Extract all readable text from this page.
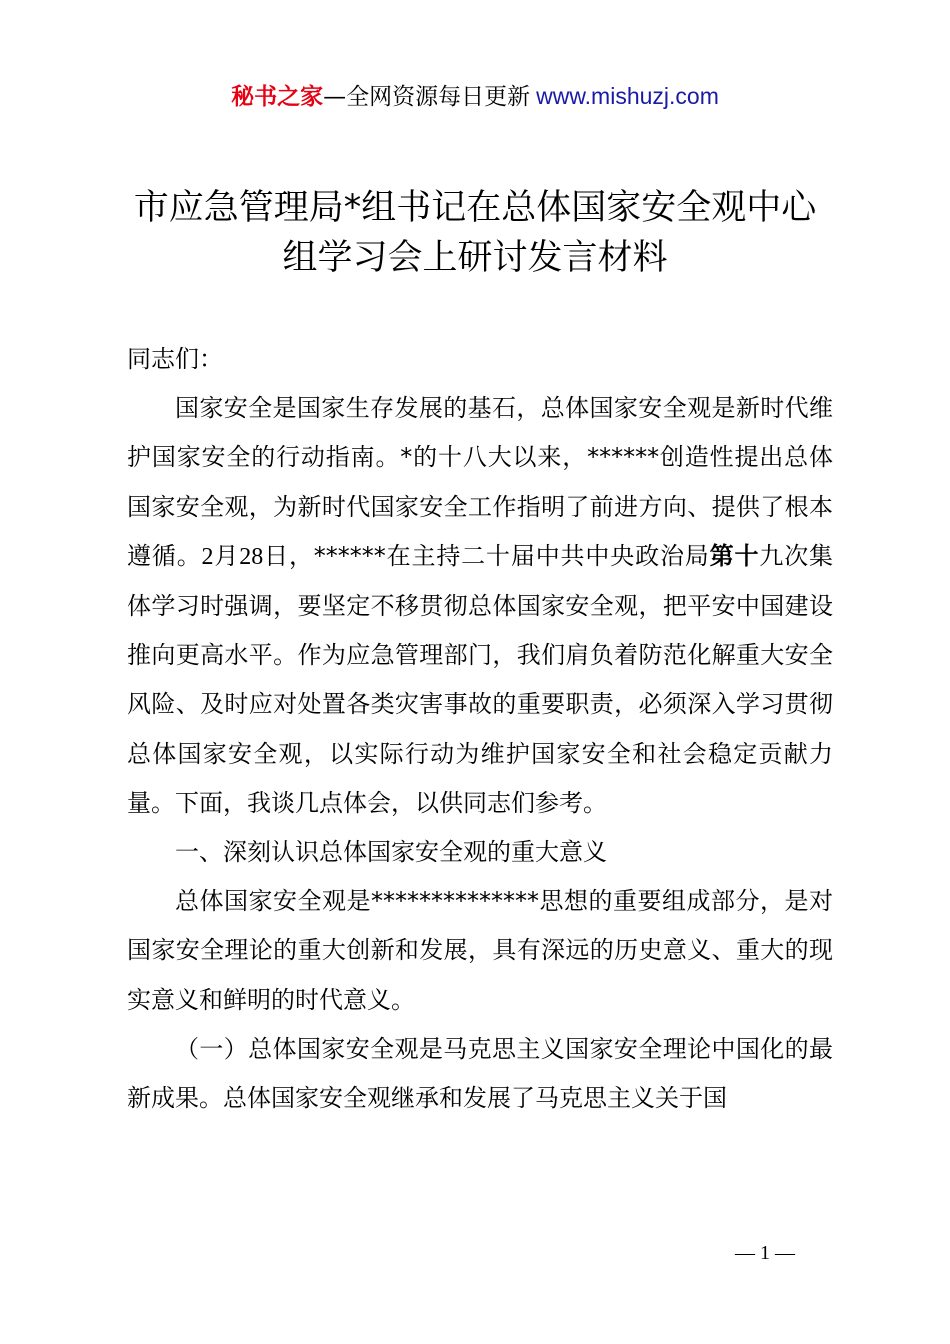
秘书之家—全网资源每日更新 www.mishuzj.com
市应急管理局*组书记在总体国家安全观中心
组学习会上研讨发言材料

同志们：

国家安全是国家生存发展的基石，总体国家安全观是新时代维护国家安全的行动指南。*的十八大以来，******创造性提出总体国家安全观，为新时代国家安全工作指明了前进方向、提供了根本遵循。2月28日，******在主持二十届中共中央政治局第十九次集体学习时强调，要坚定不移贯彻总体国家安全观，把平安中国建设推向更高水平。作为应急管理部门，我们肩负着防范化解重大安全风险、及时应对处置各类灾害事故的重要职责，必须深入学习贯彻总体国家安全观，以实际行动为维护国家安全和社会稳定贡献力量。下面，我谈几点体会，以供同志们参考。

一、深刻认识总体国家安全观的重大意义

总体国家安全观是**************思想的重要组成部分，是对国家安全理论的重大创新和发展，具有深远的历史意义、重大的现实意义和鲜明的时代意义。

（一）总体国家安全观是马克思主义国家安全理论中国化的最新成果。总体国家安全观继承和发展了马克思主义关于国

— 1 —
